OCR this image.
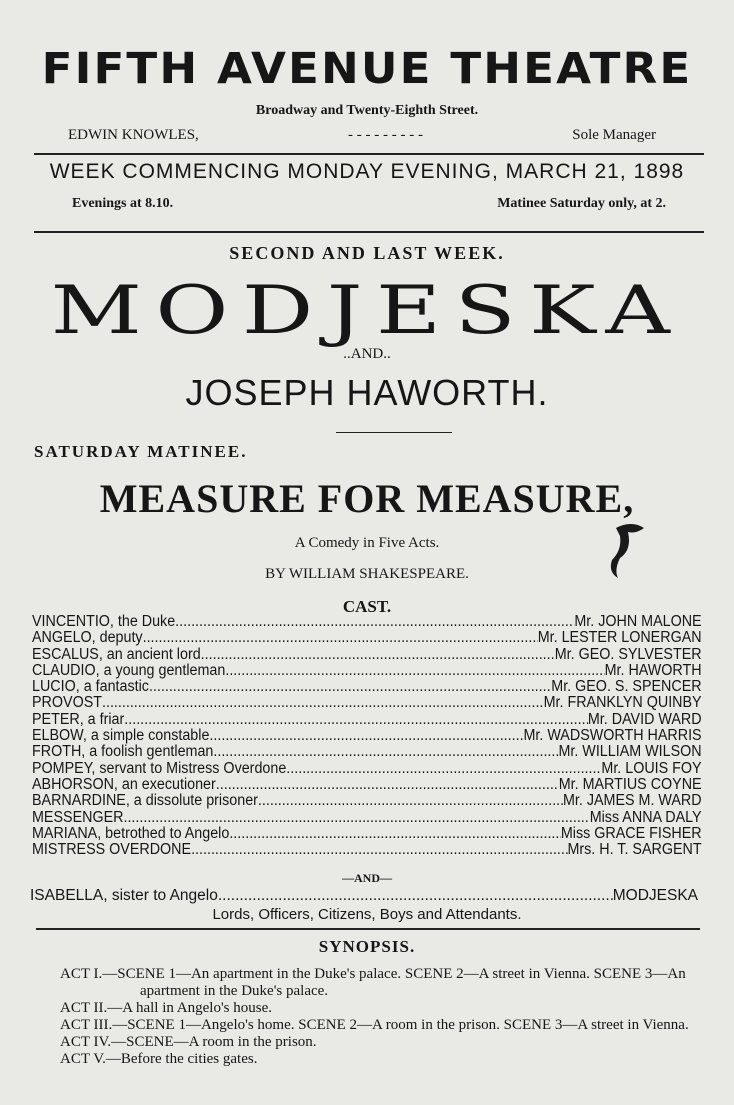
FIFTH AVENUE THEATRE
Broadway and Twenty-Eighth Street.
EDWIN KNOWLES,	- - - - - - - - -	Sole Manager
WEEK COMMENCING MONDAY EVENING, MARCH 21, 1898
Evenings at 8.10.	Matinee Saturday only, at 2.
SECOND AND LAST WEEK.
MODJESKA
..AND..
JOSEPH HAWORTH.
SATURDAY MATINEE.
MEASURE FOR MEASURE,
A Comedy in Five Acts.
BY WILLIAM SHAKESPEARE.
CAST.
VINCENTIO, the Duke .....	Mr. JOHN MALONE
ANGELO, deputy .....	Mr. LESTER LONERGAN
ESCALUS, an ancient lord .....	Mr. GEO. SYLVESTER
CLAUDIO, a young gentleman .....	Mr. HAWORTH
LUCIO, a fantastic .....	Mr. GEO. S. SPENCER
PROVOST .....	Mr. FRANKLYN QUINBY
PETER, a friar .....	Mr. DAVID WARD
ELBOW, a simple constable .....	Mr. WADSWORTH HARRIS
FROTH, a foolish gentleman .....	Mr. WILLIAM WILSON
POMPEY, servant to Mistress Overdone .....	Mr. LOUIS FOY
ABHORSON, an executioner .....	Mr. MARTIUS COYNE
BARNARDINE, a dissolute prisoner .....	Mr. JAMES M. WARD
MESSENGER .....	Miss ANNA DALY
MARIANA, betrothed to Angelo .....	Miss GRACE FISHER
MISTRESS OVERDONE .....	Mrs. H. T. SARGENT
—AND—
ISABELLA, sister to Angelo .....	MODJESKA
Lords, Officers, Citizens, Boys and Attendants.
SYNOPSIS.
ACT I.—SCENE 1—An apartment in the Duke's palace. SCENE 2—A street in Vienna. SCENE 3—An apartment in the Duke's palace.
ACT II.—A hall in Angelo's house.
ACT III.—SCENE 1—Angelo's home. SCENE 2—A room in the prison. SCENE 3—A street in Vienna.
ACT IV.—SCENE—A room in the prison.
ACT V.—Before the cities gates.
